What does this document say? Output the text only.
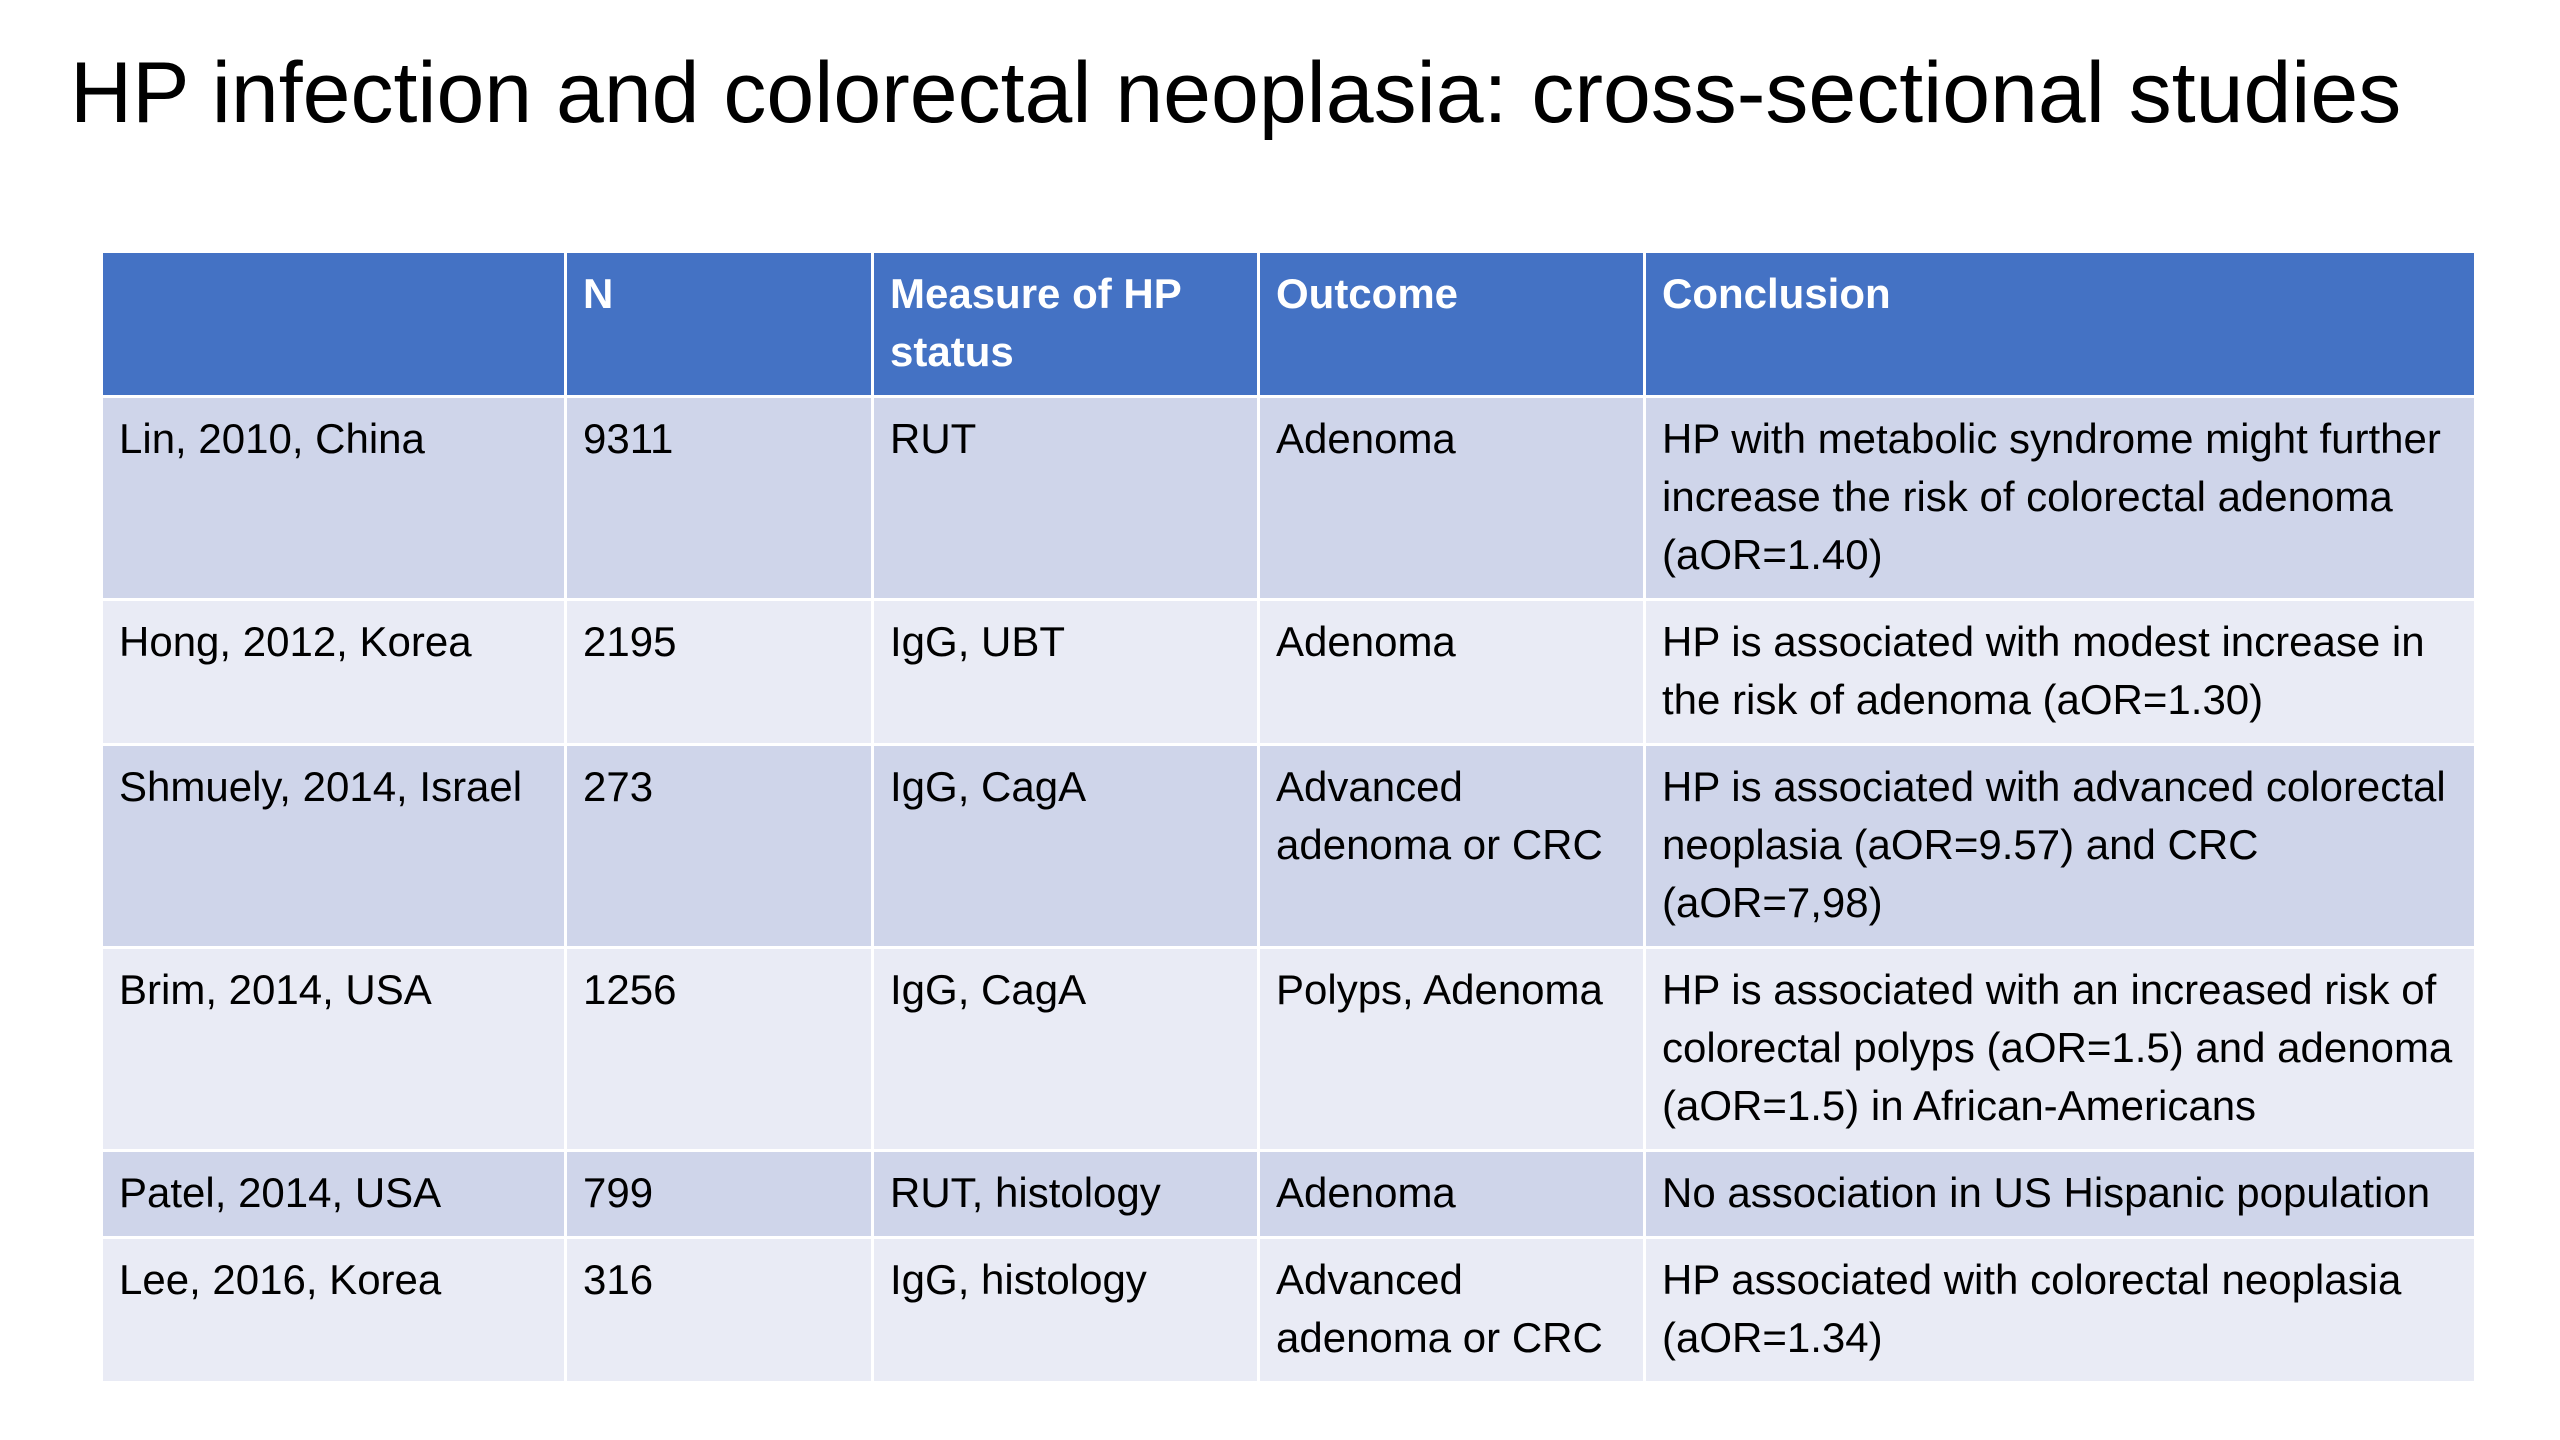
HP infection and colorectal neoplasia: cross-sectional studies
	N	Measure of HP status	Outcome	Conclusion
Lin, 2010, China	9311	RUT	Adenoma	HP with metabolic syndrome might further increase the risk of colorectal adenoma (aOR=1.40)
Hong, 2012, Korea	2195	IgG, UBT	Adenoma	HP is associated with modest increase in the risk of adenoma (aOR=1.30)
Shmuely, 2014, Israel	273	IgG, CagA	Advanced adenoma or CRC	HP is associated with advanced colorectal neoplasia (aOR=9.57) and CRC (aOR=7,98)
Brim, 2014, USA	1256	IgG, CagA	Polyps, Adenoma	HP is associated with an increased risk of colorectal polyps (aOR=1.5) and adenoma (aOR=1.5) in African-Americans
Patel, 2014, USA	799	RUT, histology	Adenoma	No association in US Hispanic population
Lee, 2016, Korea	316	IgG, histology	Advanced adenoma or CRC	HP associated with colorectal neoplasia (aOR=1.34)
